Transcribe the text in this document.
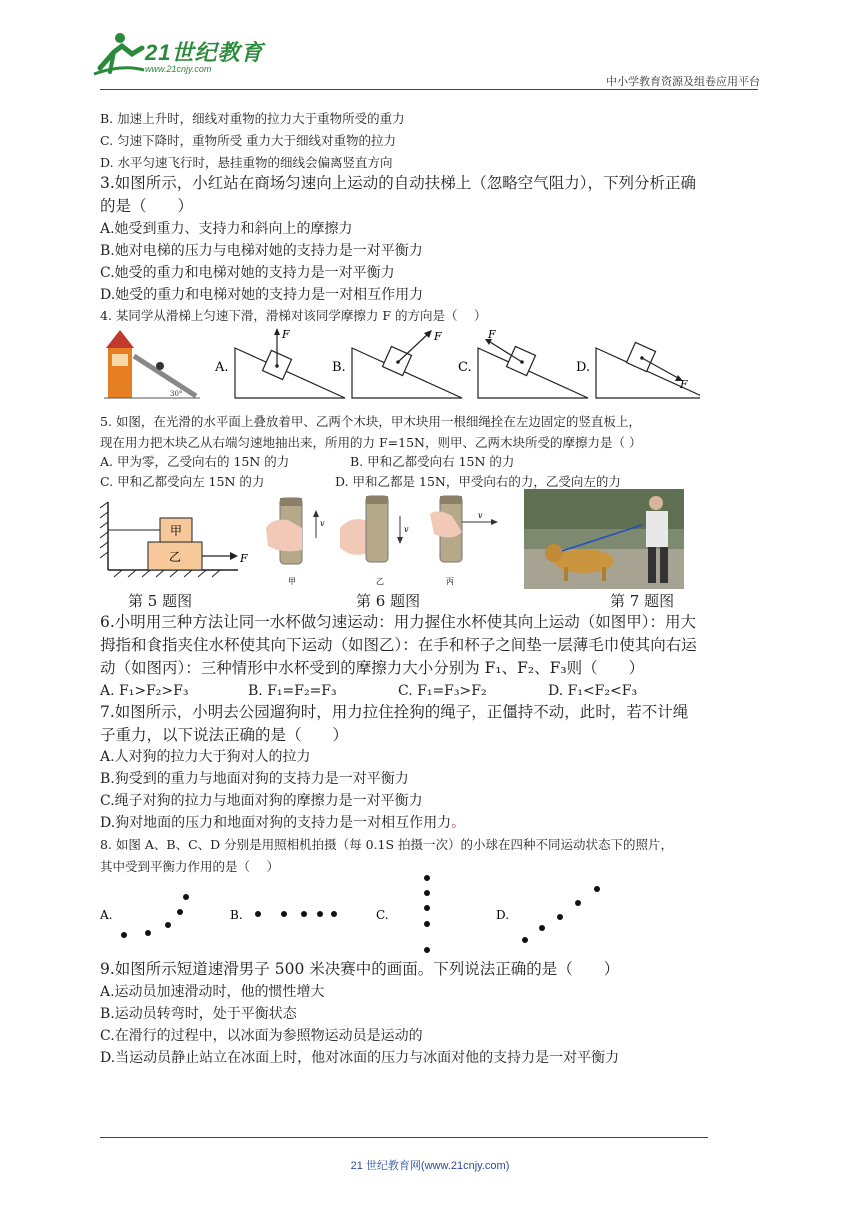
21世纪教育
www.21cnjy.com
中小学教育资源及组卷应用平台
B. 加速上升时，细线对重物的拉力大于重物所受的重力
C. 匀速下降时，重物所受 重力大于细线对重物的拉力
D. 水平匀速飞行时，悬挂重物的细线会偏离竖直方向
3.如图所示，小红站在商场匀速向上运动的自动扶梯上（忽略空气阻力），下列分析正确
的是（　　）
A.她受到重力、支持力和斜向上的摩擦力
B.她对电梯的压力与电梯对她的支持力是一对平衡力
C.她受的重力和电梯对她的支持力是一对平衡力
D.她受的重力和电梯对她的支持力是一对相互作用力
4. 某同学从滑梯上匀速下滑，滑梯对该同学摩擦力 F 的方向是（　 ）
30°
A.
F
B.
F
C.
F
D.
F
5. 如图，在光滑的水平面上叠放着甲、乙两个木块，甲木块用一根细绳拴在左边固定的竖直板上，
现在用力把木块乙从右端匀速地抽出来，所用的力 F=15N，则甲、乙两木块所受的摩擦力是（ ）
A. 甲为零，乙受向右的 15N 的力	B. 甲和乙都受向右 15N 的力
C. 甲和乙都受向左 15N 的力	D. 甲和乙都是 15N，甲受向右的力，乙受向左的力
甲
乙	F
v
甲
v
乙
v
丙
第 5 题图	第 6 题图	第 7 题图
6.小明用三种方法让同一水杯做匀速运动：用力握住水杯使其向上运动（如图甲）：用大
拇指和食指夹住水杯使其向下运动（如图乙）：在手和杯子之间垫一层薄毛巾使其向右运
动（如图丙）：三种情形中水杯受到的摩擦力大小分别为 F₁、F₂、F₃则（　　）
A. F₁>F₂>F₃	B. F₁=F₂=F₃	C. F₁=F₃>F₂	D. F₁<F₂<F₃
7.如图所示，小明去公园遛狗时，用力拉住拴狗的绳子，正僵持不动，此时，若不计绳
子重力，以下说法正确的是（　　）
A.人对狗的拉力大于狗对人的拉力
B.狗受到的重力与地面对狗的支持力是一对平衡力
C.绳子对狗的拉力与地面对狗的摩擦力是一对平衡力
D.狗对地面的压力和地面对狗的支持力是一对相互作用力。
8. 如图 A、B、C、D 分别是用照相机拍摄（每 0.1S 拍摄一次）的小球在四种不同运动状态下的照片，
其中受到平衡力作用的是（　 ）
A.	B.	C.	D.
9.如图所示短道速滑男子 500 米决赛中的画面。下列说法正确的是（　　）
A.运动员加速滑动时，他的惯性增大
B.运动员转弯时，处于平衡状态
C.在滑行的过程中，以冰面为参照物运动员是运动的
D.当运动员静止站立在冰面上时，他对冰面的压力与冰面对他的支持力是一对平衡力
21 世纪教育网(www.21cnjy.com)
